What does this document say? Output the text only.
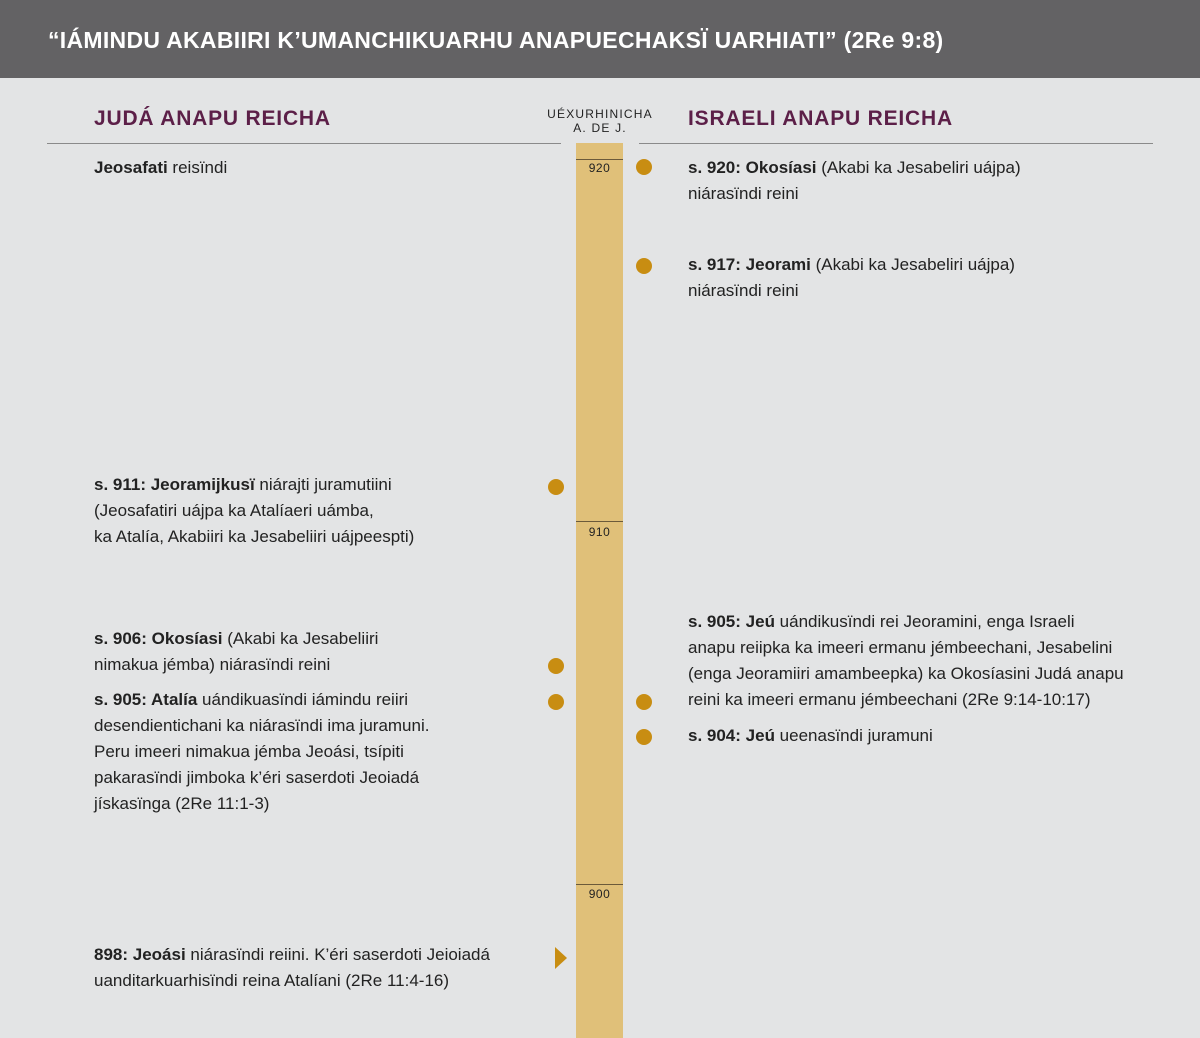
“IÁMINDU AKABIIRI K’UMANCHIKUARHU ANAPUECHAKSÏ UARHIATI” (2Re 9:8)
JUDÁ ANAPU REICHA	ISRAELI ANAPU REICHA
UÉXURHINICHA
A. DE J.
920
910
900
Jeosafati reisïndi
s. 911: Jeoramijkusï niárajti juramutiini
(Jeosafatiri uájpa ka Atalíaeri uámba,
ka Atalía, Akabiiri ka Jesabeliiri uájpeespti)
s. 906: Okosíasi (Akabi ka Jesabeliiri
nimakua jémba) niárasïndi reini
s. 905: Atalía uándikuasïndi iámindu reiiri
desendientichani ka niárasïndi ima juramuni.
Peru imeeri nimakua jémba Jeoási, tsípiti
pakarasïndi jimboka k’éri saserdoti Jeoiadá
jískasïnga (2Re 11:1-3)
898: Jeoási niárasïndi reiini. K’éri saserdoti Jeioiadá
uanditarkuarhisïndi reina Atalíani (2Re 11:4-16)
s. 920: Okosíasi (Akabi ka Jesabeliri uájpa)
niárasïndi reini
s. 917: Jeorami (Akabi ka Jesabeliri uájpa)
niárasïndi reini
s. 905: Jeú uándikusïndi rei Jeoramini, enga Israeli
anapu reiipka ka imeeri ermanu jémbeechani, Jesabelini
(enga Jeoramiiri amambeepka) ka Okosíasini Judá anapu
reini ka imeeri ermanu jémbeechani (2Re 9:14-10:17)
s. 904: Jeú ueenasïndi juramuni
